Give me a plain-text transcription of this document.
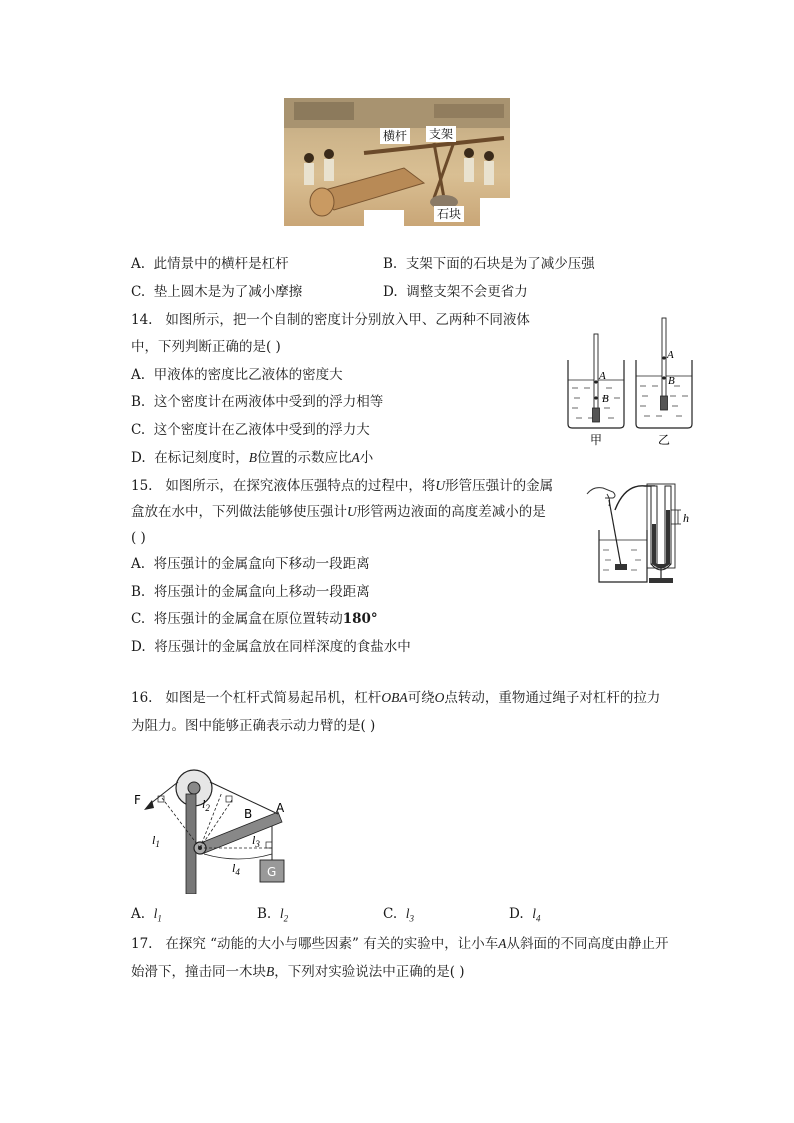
横杆 支架
石块
A. 此情景中的横杆是杠杆	B. 支架下面的石块是为了减少压强
C. 垫上圆木是为了减小摩擦	D. 调整支架不会更省力
14. 如图所示，把一个自制的密度计分别放入甲、乙两种不同液体
中，下列判断正确的是( )
A. 甲液体的密度比乙液体的密度大
B. 这个密度计在两液体中受到的浮力相等
C. 这个密度计在乙液体中受到的浮力大
D. 在标记刻度时，B位置的示数应比A小
A
B
甲
A
B
乙
15. 如图所示，在探究液体压强特点的过程中，将U形管压强计的金属
盒放在水中，下列做法能够使压强计U形管两边液面的高度差减小的是
( )
A. 将压强计的金属盒向下移动一段距离
B. 将压强计的金属盒向上移动一段距离
C. 将压强计的金属盒在原位置转动180°
D. 将压强计的金属盒放在同样深度的食盐水中
h
16. 如图是一个杠杆式简易起吊机，杠杆OBA可绕O点转动，重物通过绳子对杠杆的拉力
为阻力。图中能够正确表示动力臂的是( )
F
A
B
G
$l_1$
$l_2$
$l_3$
$l_4$
A. $l_1$	B. $l_2$	C. $l_3$	D. $l_4$
17. 在探究 “动能的大小与哪些因素” 有关的实验中，让小车A从斜面的不同高度由静止开
始滑下，撞击同一木块B，下列对实验说法中正确的是( )
